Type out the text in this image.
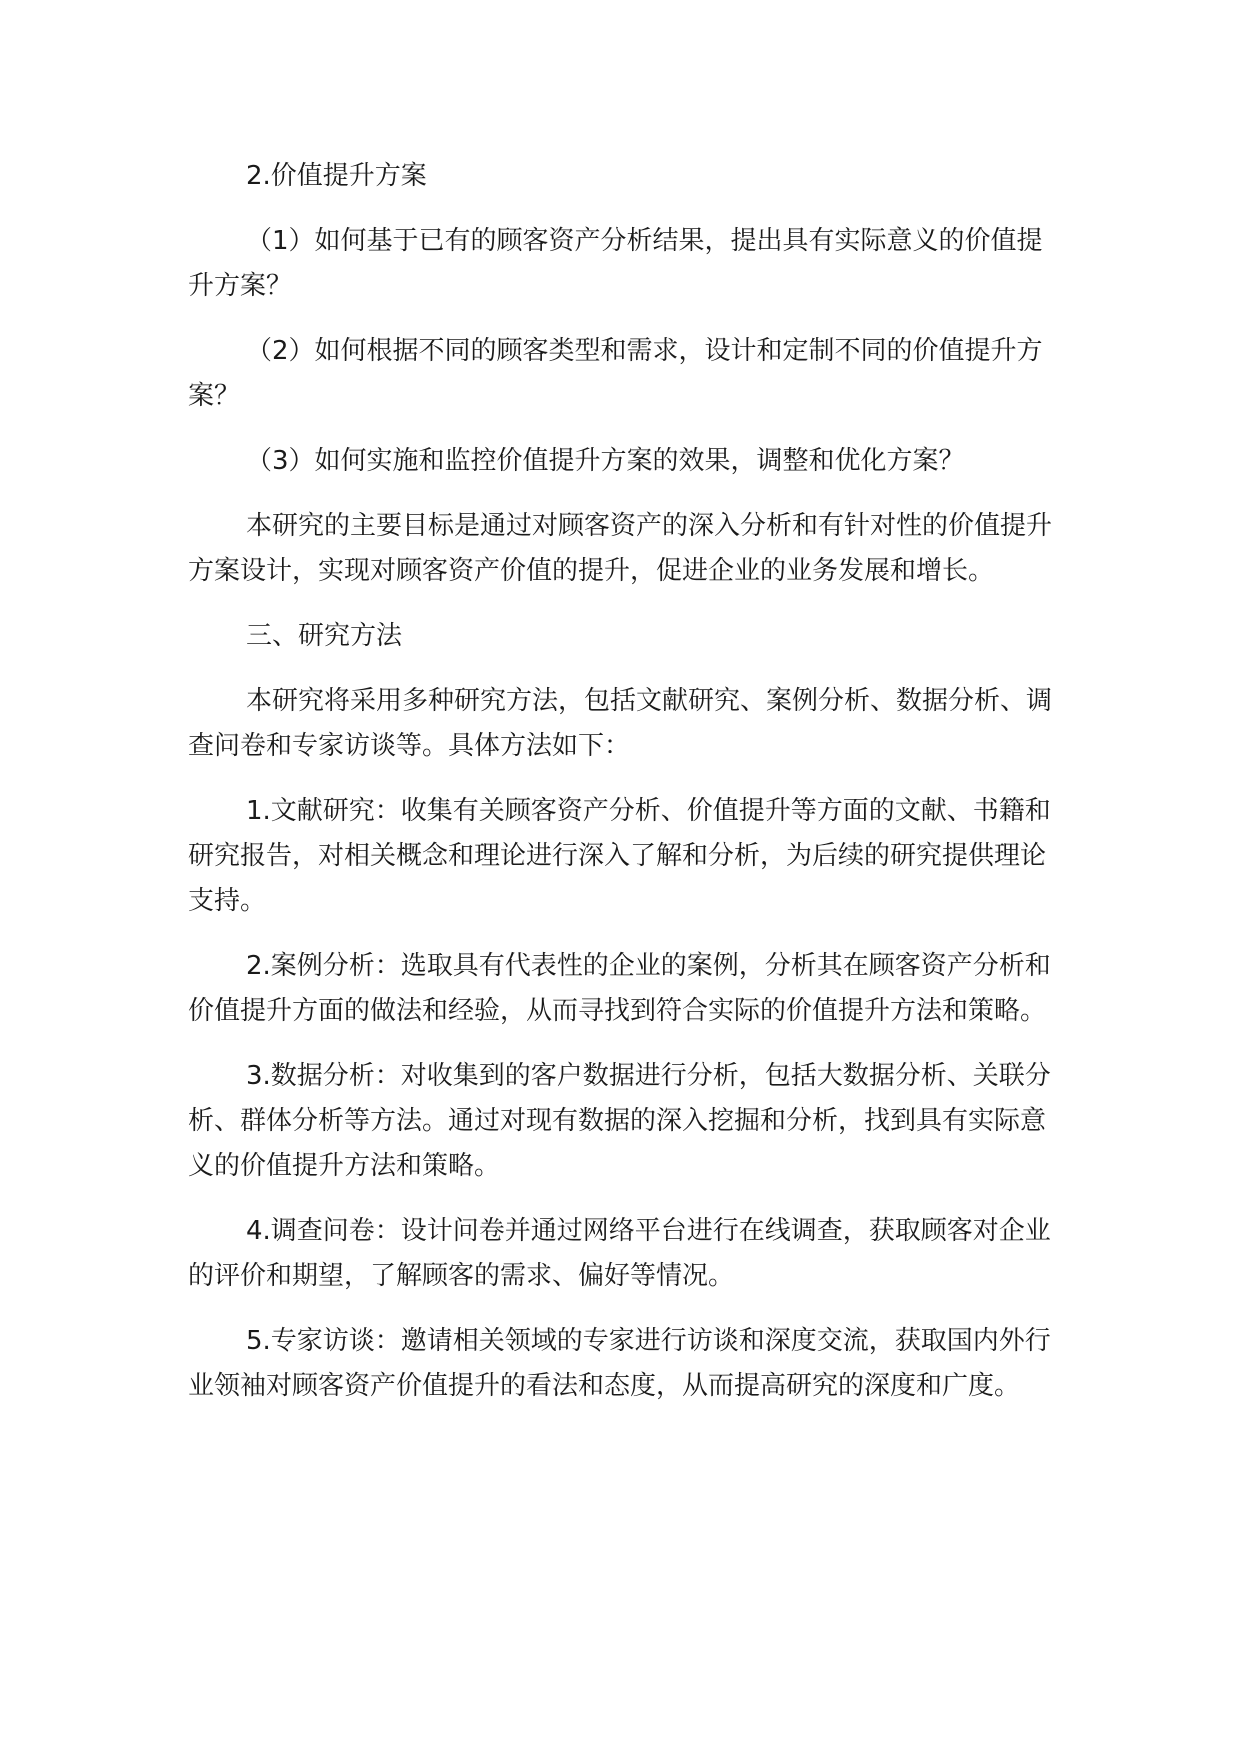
2.价值提升方案

（1）如何基于已有的顾客资产分析结果，提出具有实际意义的价值提升方案？

（2）如何根据不同的顾客类型和需求，设计和定制不同的价值提升方案？

（3）如何实施和监控价值提升方案的效果，调整和优化方案？

本研究的主要目标是通过对顾客资产的深入分析和有针对性的价值提升方案设计，实现对顾客资产价值的提升，促进企业的业务发展和增长。

三、研究方法

本研究将采用多种研究方法，包括文献研究、案例分析、数据分析、调查问卷和专家访谈等。具体方法如下：

1.文献研究：收集有关顾客资产分析、价值提升等方面的文献、书籍和研究报告，对相关概念和理论进行深入了解和分析，为后续的研究提供理论支持。

2.案例分析：选取具有代表性的企业的案例，分析其在顾客资产分析和价值提升方面的做法和经验，从而寻找到符合实际的价值提升方法和策略。

3.数据分析：对收集到的客户数据进行分析，包括大数据分析、关联分析、群体分析等方法。通过对现有数据的深入挖掘和分析，找到具有实际意义的价值提升方法和策略。

4.调查问卷：设计问卷并通过网络平台进行在线调查，获取顾客对企业的评价和期望，了解顾客的需求、偏好等情况。

5.专家访谈：邀请相关领域的专家进行访谈和深度交流，获取国内外行业领袖对顾客资产价值提升的看法和态度，从而提高研究的深度和广度。
